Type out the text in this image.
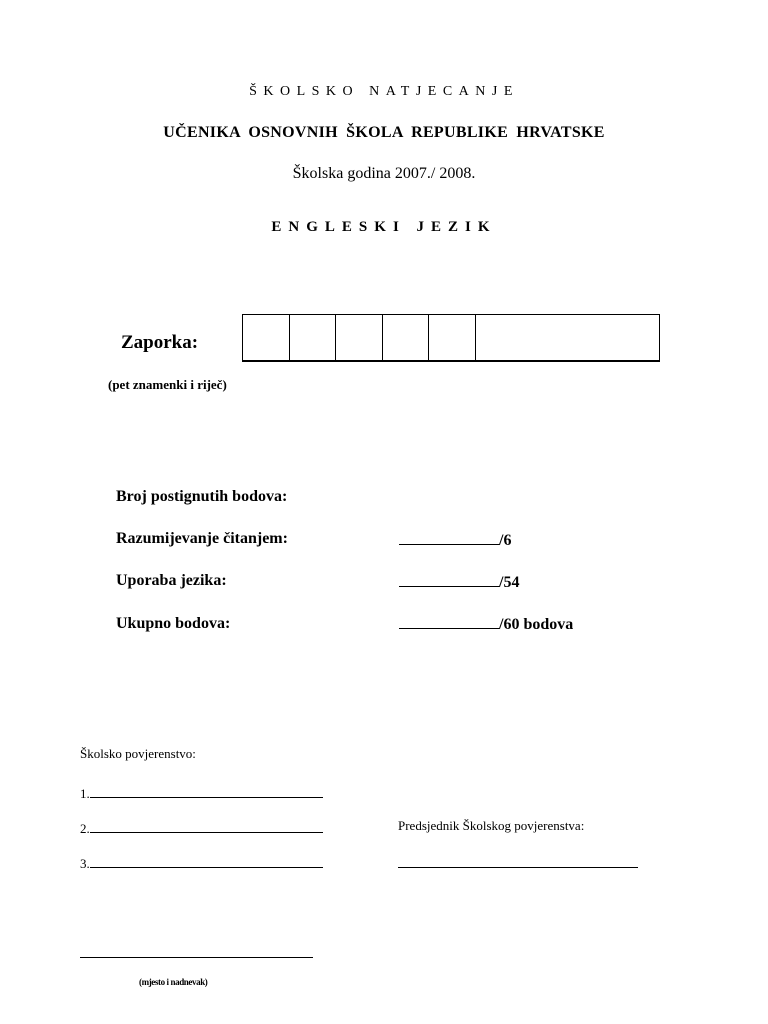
ŠKOLSKO NATJECANJE
UČENIKA OSNOVNIH ŠKOLA REPUBLIKE HRVATSKE
Školska godina 2007./ 2008.
ENGLESKI JEZIK
Zaporka:
(pet znamenki i riječ)
Broj postignutih bodova:
Razumijevanje čitanjem:	/6
Uporaba jezika:	/54
Ukupno bodova:	/60 bodova
Školsko povjerenstvo:
1.
2.
3.
Predsjednik Školskog povjerenstva:
(mjesto i nadnevak)
